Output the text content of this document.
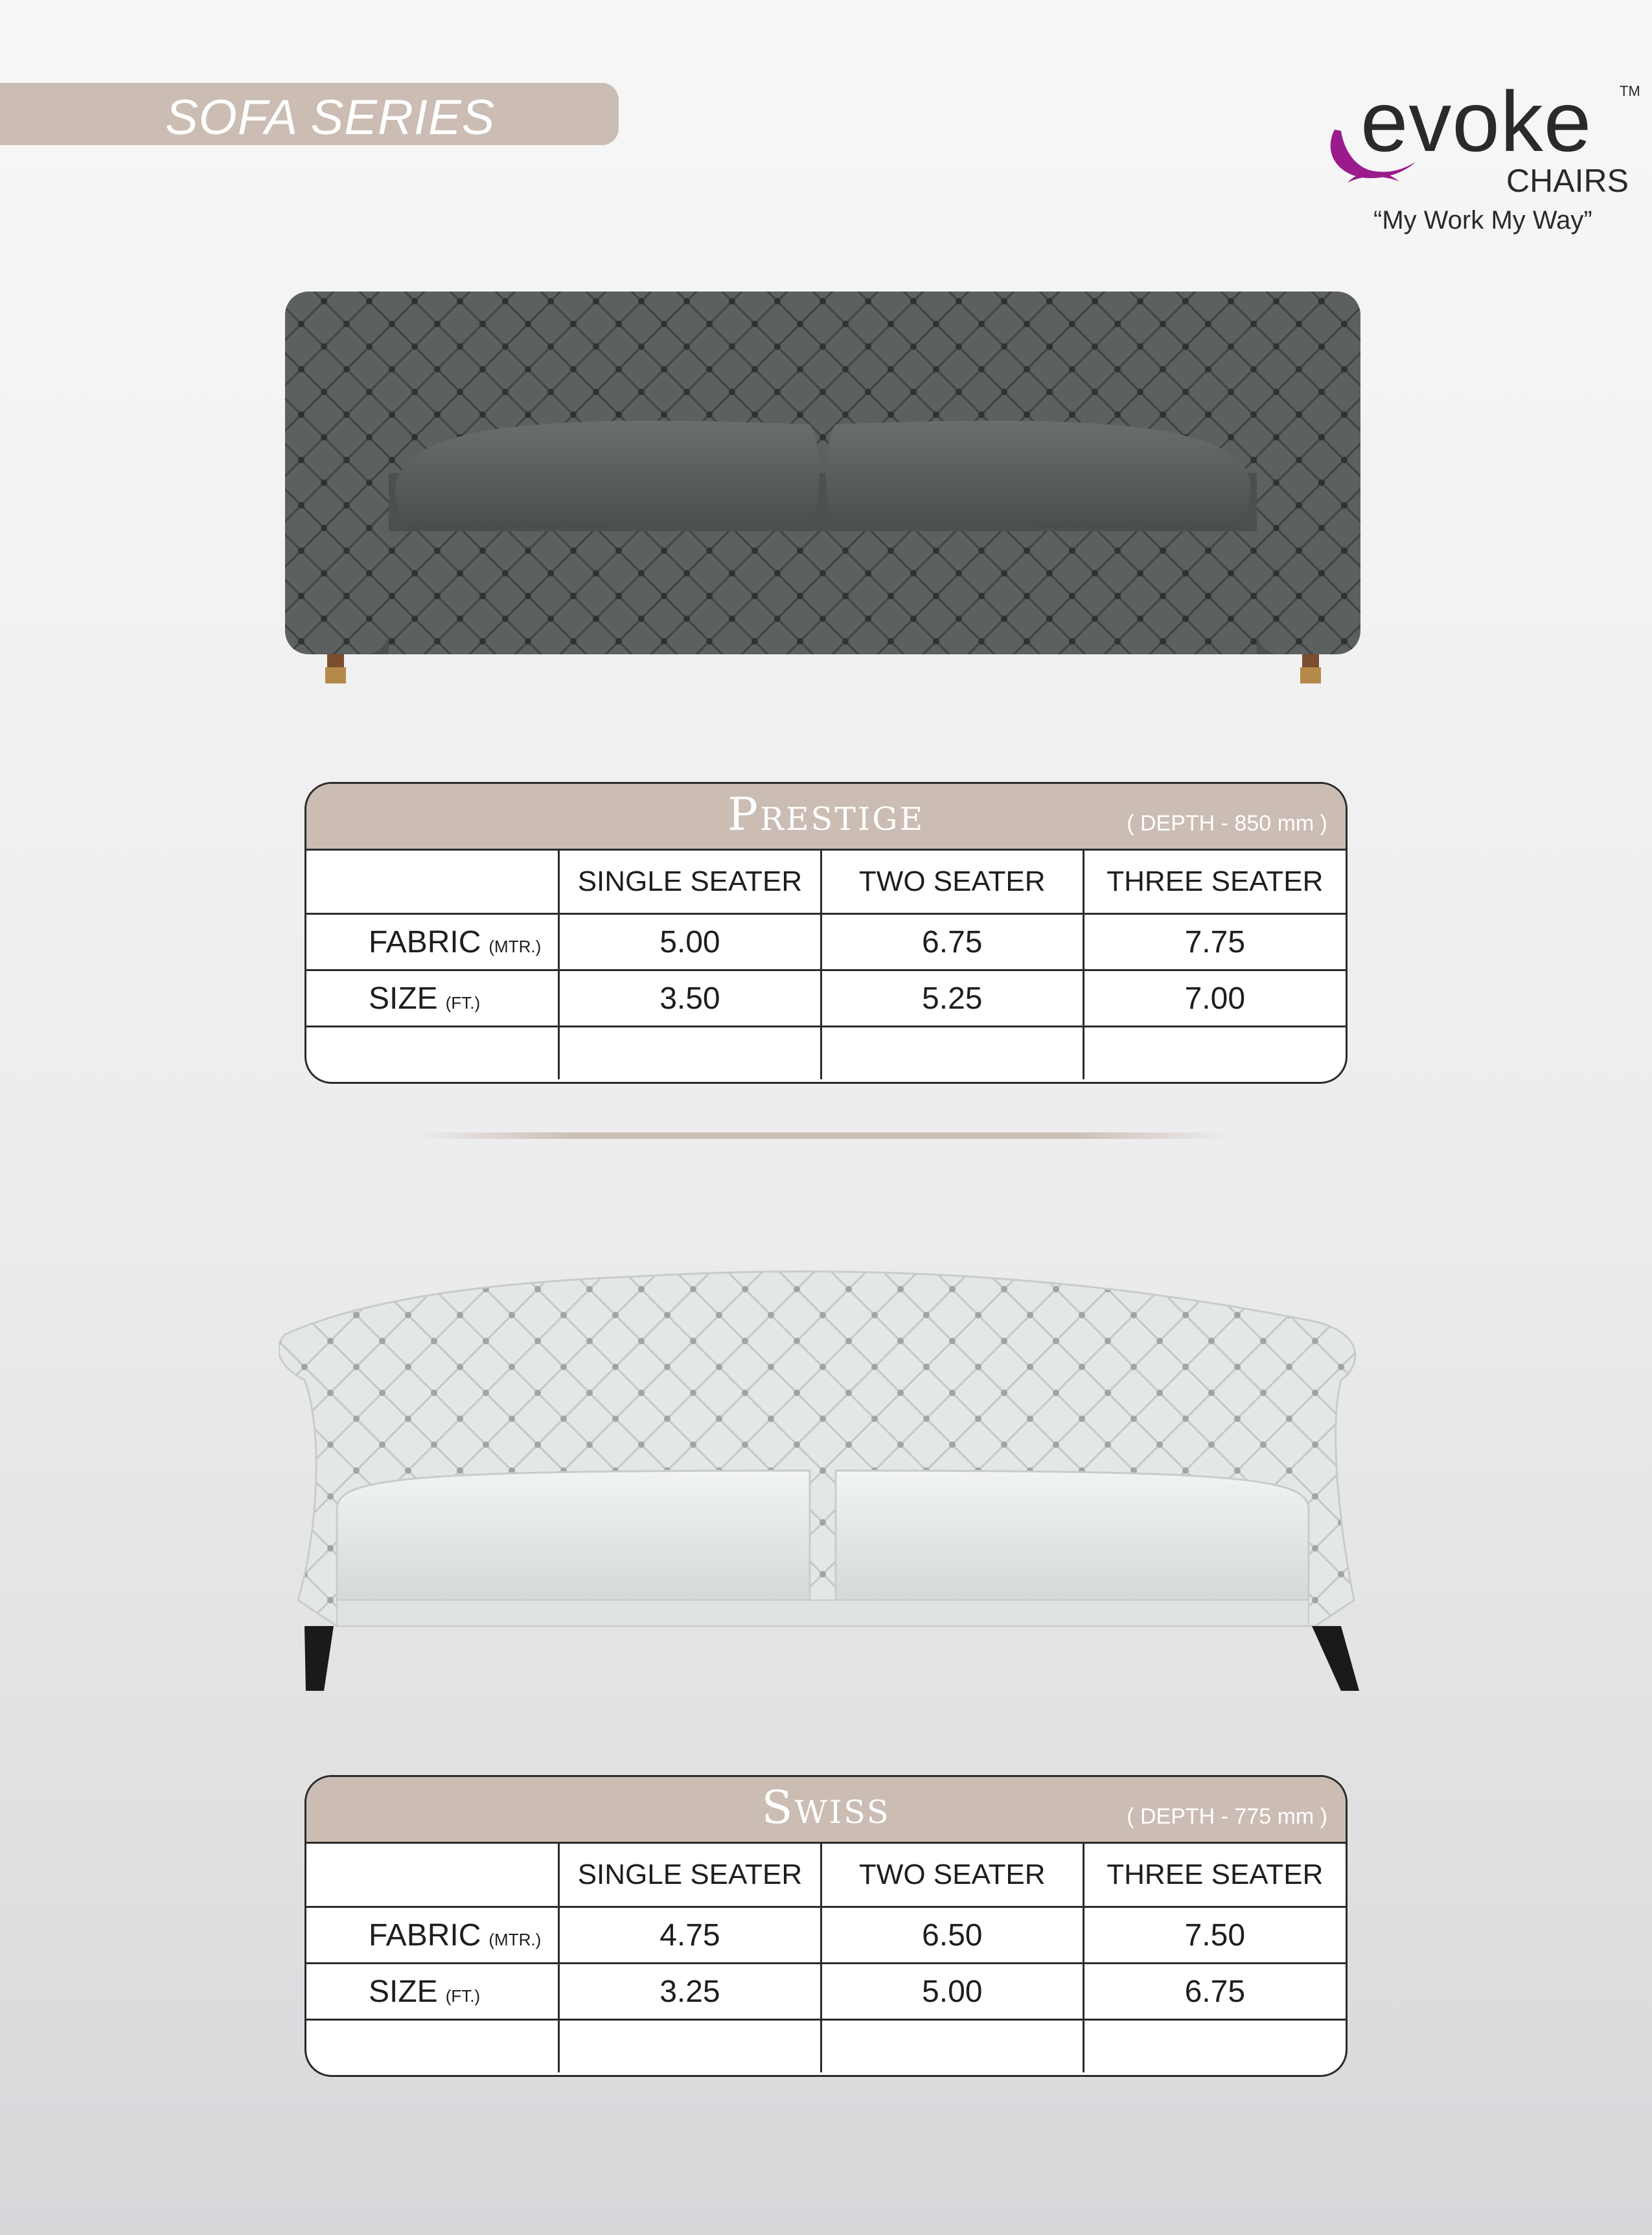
SOFA SERIES	evoke TM
CHAIRS
“My Work My Way”
Prestige	( DEPTH - 850 mm )
	SINGLE SEATER	TWO SEATER	THREE SEATER
FABRIC (MTR.)	5.00	6.75	7.75
SIZE (FT.)	3.50	5.25	7.00

Swiss	( DEPTH - 775 mm )
	SINGLE SEATER	TWO SEATER	THREE SEATER
FABRIC (MTR.)	4.75	6.50	7.50
SIZE (FT.)	3.25	5.00	6.75
